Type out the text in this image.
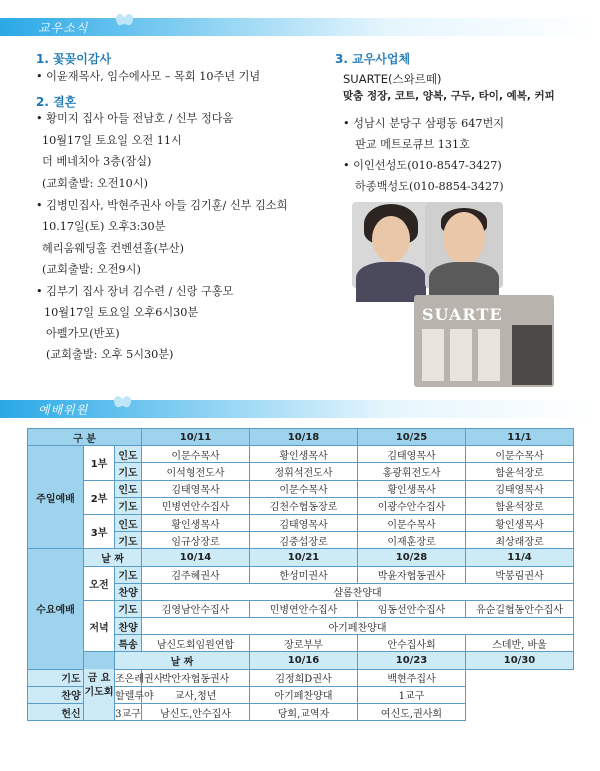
교우소식
1. 꽃꽂이감사
• 이윤재목사, 임수에사모 – 목회 10주년 기념
2. 결혼
• 황미지 집사 아들 전남호 / 신부 정다움
10월17일 토요일 오전 11시
더 베네치아 3층(잠실)
(교회출발: 오전10시)
• 김병민집사, 박현주권사 아들 김기훈/ 신부 김소희
10.17일(토) 오후3:30분
헤리움웨딩홀 컨벤션홀(부산)
(교회출발: 오전9시)
• 김부기 집사 장녀 김수련 / 신랑 구홍모
10월17일 토요일 오후6시30분
아펠가모(반포)
(교회출발: 오후 5시30분)
3. 교우사업체
SUARTE(스와르떼)
맞춤 정장, 코트, 양복, 구두, 타이, 예복, 커피
• 성남시 분당구 삼평동 647번지
판교 메트로큐브 131호
• 이인선성도(010-8547-3427)
하종백성도(010-8854-3427)
SUARTE
예배위원
구 분			10/11	10/18	10/25	11/1	
주일예배	1부	인도	이문수목사	황인생목사	김태영목사	이문수목사	
		기도	이석형전도사	정휘석전도사	홍광휘전도사	함윤석장로	
	2부	인도	김태영목사	이문수목사	황인생목사	김태영목사	
		기도	민병연안수집사	김천수협동장로	이광수안수집사	함윤석장로	
	3부	인도	황인생목사	김태영목사	이문수목사	황인생목사	
		기도	임규상장로	김중섭장로	이재훈장로	최상래장로	
수요예배	날 짜		10/14	10/21	10/28	11/4	
	오전	기도	김주혜권사	한성미권사	박윤자협동권사	박봉림권사	
		찬양	샬롬찬양대				
		기도	김영남안수집사	민병연안수집사	임동선안수집사	유순길협동안수집사	
	저녁	찬양	아기페찬양대				
		특송	남신도회임원연합	장로부부	안수집사회	스데반, 바울	
	금 요 기도회	날 짜		10/16	10/23	10/30	
기도		조은레권사	박안자협동권사	김정희D권사	백현주집사		
찬양		할렐루야	교사,청년	아기페찬양대	1교구		
헌신		3교구	남신도,안수집사	당회,교역자	여신도,권사회		
